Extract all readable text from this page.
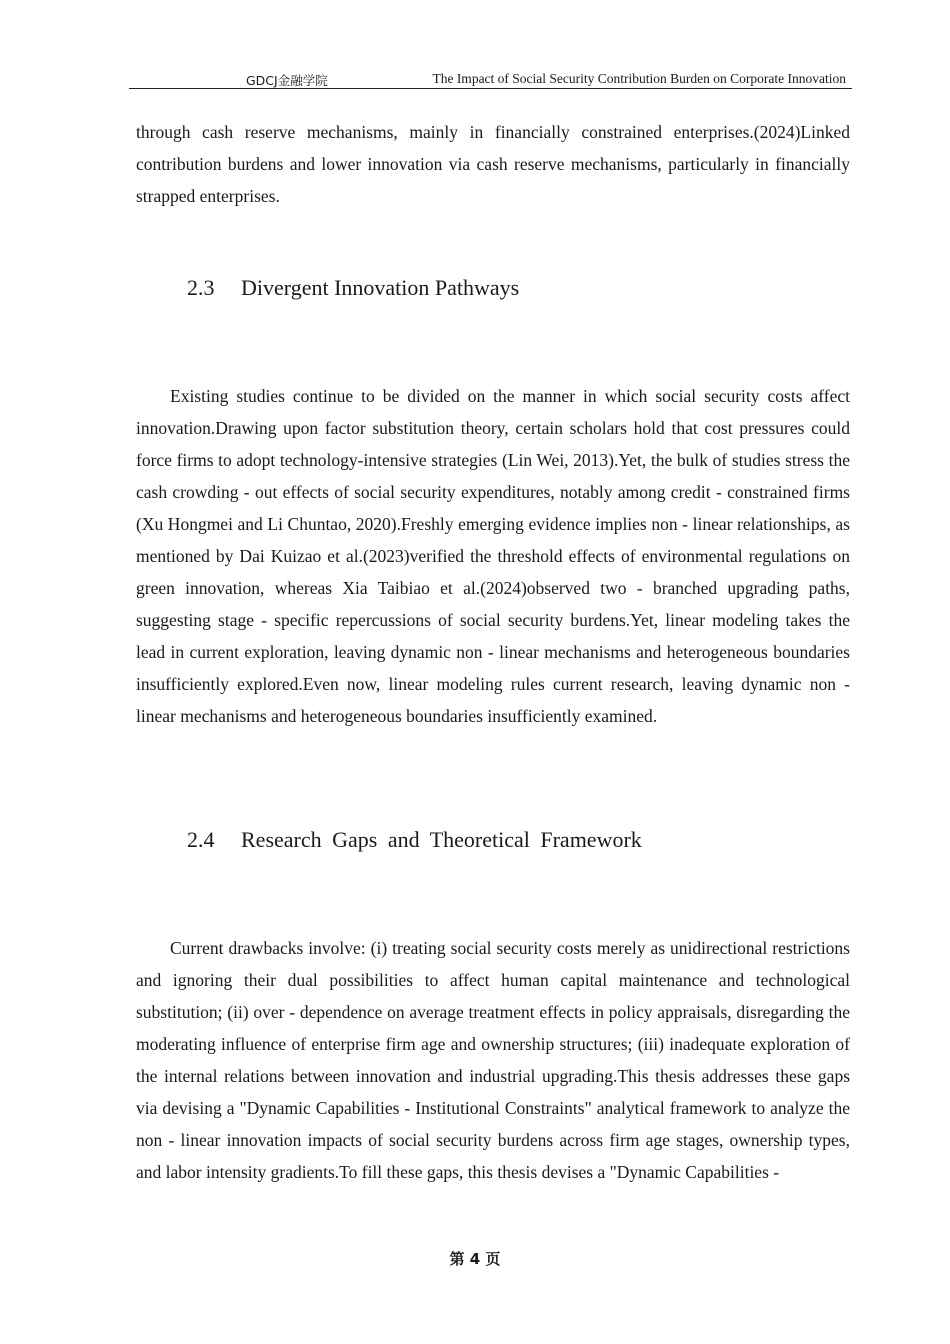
GDCJ金融学院	The Impact of Social Security Contribution Burden on Corporate Innovation

through cash reserve mechanisms, mainly in financially constrained enterprises.(2024)Linked contribution burdens and lower innovation via cash reserve mechanisms, particularly in financially strapped enterprises.

2.3 Divergent Innovation Pathways

Existing studies continue to be divided on the manner in which social security costs affect innovation.Drawing upon factor substitution theory, certain scholars hold that cost pressures could force firms to adopt technology-intensive strategies (Lin Wei, 2013).Yet, the bulk of studies stress the cash crowding - out effects of social security expenditures, notably among credit - constrained firms (Xu Hongmei and Li Chuntao, 2020).Freshly emerging evidence implies non - linear relationships, as mentioned by Dai Kuizao et al.(2023)verified the threshold effects of environmental regulations on green innovation, whereas Xia Taibiao et al.(2024)observed two - branched upgrading paths, suggesting stage - specific repercussions of social security burdens.Yet, linear modeling takes the lead in current exploration, leaving dynamic non - linear mechanisms and heterogeneous boundaries insufficiently explored.Even now, linear modeling rules current research, leaving dynamic non - linear mechanisms and heterogeneous boundaries insufficiently examined.

2.4 Research Gaps and Theoretical Framework

Current drawbacks involve: (i) treating social security costs merely as unidirectional restrictions and ignoring their dual possibilities to affect human capital maintenance and technological substitution; (ii) over - dependence on average treatment effects in policy appraisals, disregarding the moderating influence of enterprise firm age and ownership structures; (iii) inadequate exploration of the internal relations between innovation and industrial upgrading.This thesis addresses these gaps via devising a "Dynamic Capabilities - Institutional Constraints" analytical framework to analyze the non - linear innovation impacts of social security burdens across firm age stages, ownership types, and labor intensity gradients.To fill these gaps, this thesis devises a "Dynamic Capabilities -

第 4 页
